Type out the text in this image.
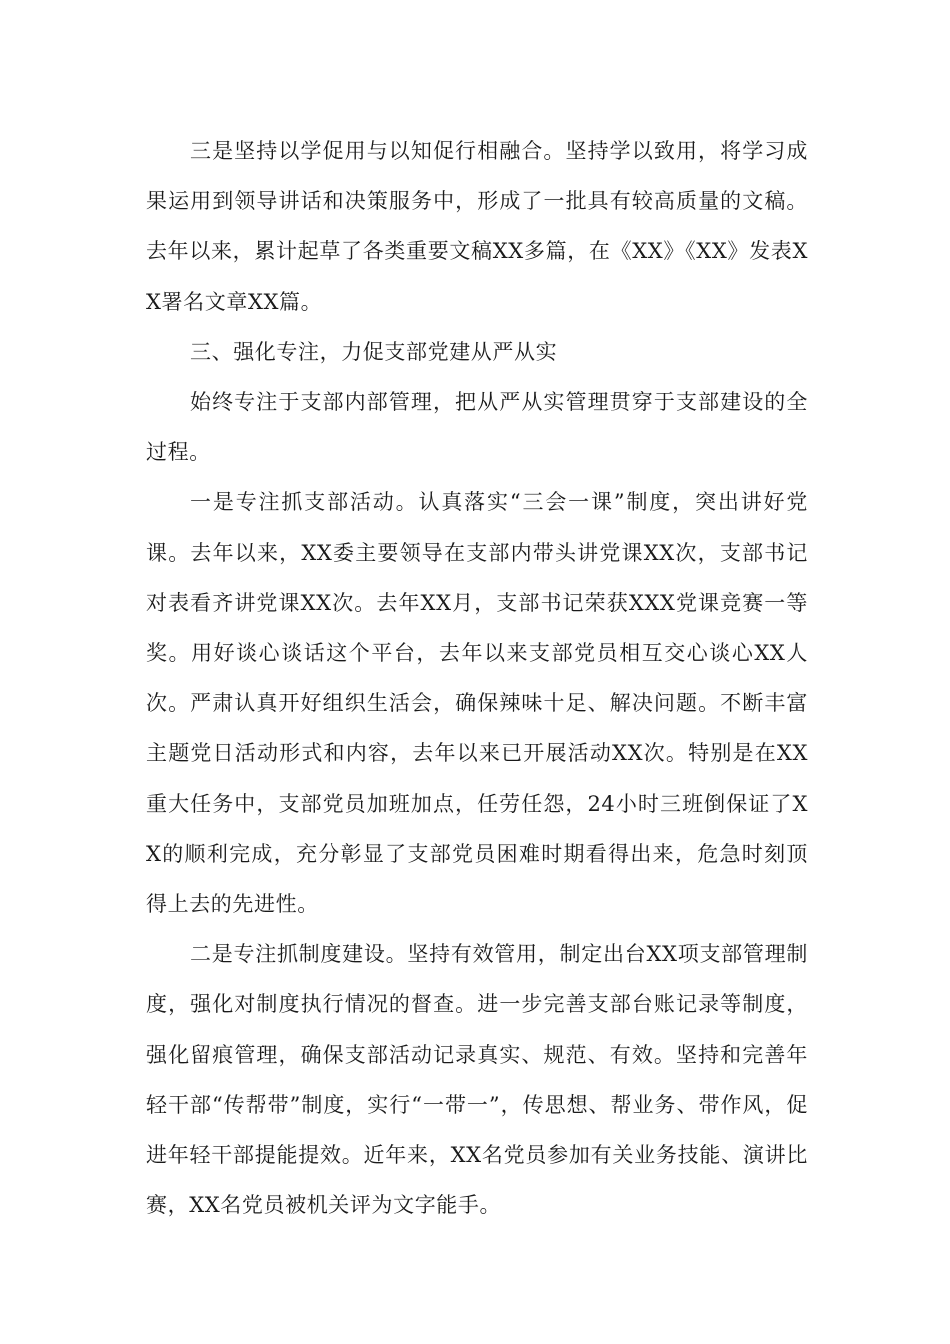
三是坚持以学促用与以知促行相融合。坚持学以致用，将学习成果运用到领导讲话和决策服务中，形成了一批具有较高质量的文稿。去年以来，累计起草了各类重要文稿XX多篇，在《XX》《XX》发表XX署名文章XX篇。

三、强化专注，力促支部党建从严从实

始终专注于支部内部管理，把从严从实管理贯穿于支部建设的全过程。

一是专注抓支部活动。认真落实“三会一课”制度，突出讲好党课。去年以来，XX委主要领导在支部内带头讲党课XX次，支部书记对表看齐讲党课XX次。去年XX月，支部书记荣获XXX党课竞赛一等奖。用好谈心谈话这个平台，去年以来支部党员相互交心谈心XX人次。严肃认真开好组织生活会，确保辣味十足、解决问题。不断丰富主题党日活动形式和内容，去年以来已开展活动XX次。特别是在XX重大任务中，支部党员加班加点，任劳任怨，24小时三班倒保证了XX的顺利完成，充分彰显了支部党员困难时期看得出来，危急时刻顶得上去的先进性。

二是专注抓制度建设。坚持有效管用，制定出台XX项支部管理制度，强化对制度执行情况的督查。进一步完善支部台账记录等制度，强化留痕管理，确保支部活动记录真实、规范、有效。坚持和完善年轻干部“传帮带”制度，实行“一带一”，传思想、帮业务、带作风，促进年轻干部提能提效。近年来，XX名党员参加有关业务技能、演讲比赛，XX名党员被机关评为文字能手。
